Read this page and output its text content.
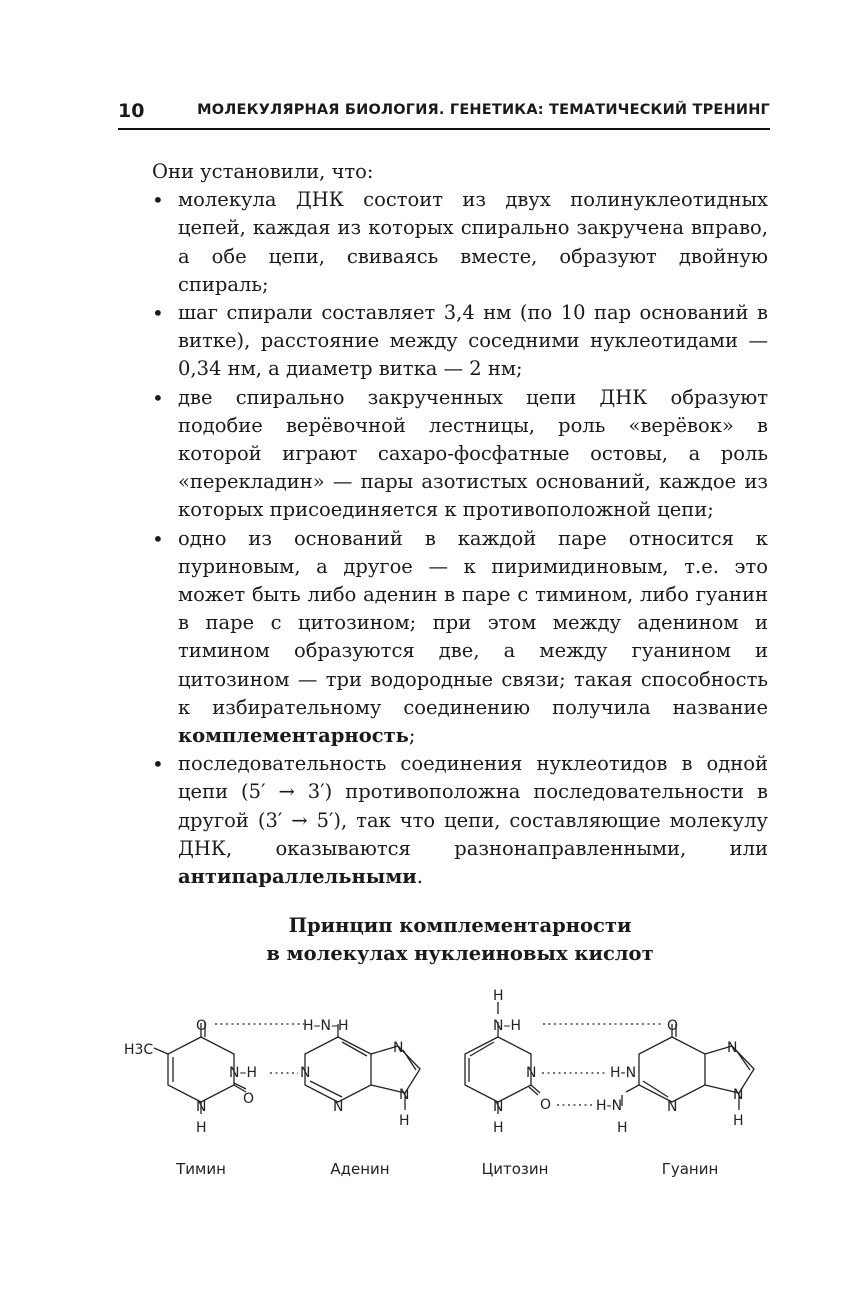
10	МОЛЕКУЛЯРНАЯ БИОЛОГИЯ. ГЕНЕТИКА: ТЕМАТИЧЕСКИЙ ТРЕНИНГ

Они установили, что:

• молекула ДНК состоит из двух полинуклеотидных цепей, каждая из которых спирально закручена вправо, а обе цепи, свиваясь вместе, образуют двойную спираль;
• шаг спирали составляет 3,4 нм (по 10 пар оснований в витке), расстояние между соседними нуклеотидами — 0,34 нм, а диаметр витка — 2 нм;
• две спирально закрученных цепи ДНК образуют подобие верёвочной лестницы, роль «верёвок» в которой играют сахаро-фосфатные остовы, а роль «перекладин» — пары азотистых оснований, каждое из которых присоединяется к противоположной цепи;
• одно из оснований в каждой паре относится к пуриновым, а другое — к пиримидиновым, т.е. это может быть либо аденин в паре с тимином, либо гуанин в паре с цитозином; при этом между аденином и тимином образуются две, а между гуанином и цитозином — три водородные связи; такая способность к избирательному соединению получила название комплементарность;
• последовательность соединения нуклеотидов в одной цепи (5′ → 3′) противоположна последовательности в другой (3′ → 5′), так что цепи, составляющие молекулу ДНК, оказываются разнонаправленными, или антипараллельными.
Принцип комплементарности
в молекулах нуклеиновых кислот
H3C
O
N–H
O
N
H
H–N–H
N
N
N
N
H
H
N–H
N
O
N
H
O
H-N
H-N
H
N
N
N
H
Тимин	Аденин	Цитозин	Гуанин
